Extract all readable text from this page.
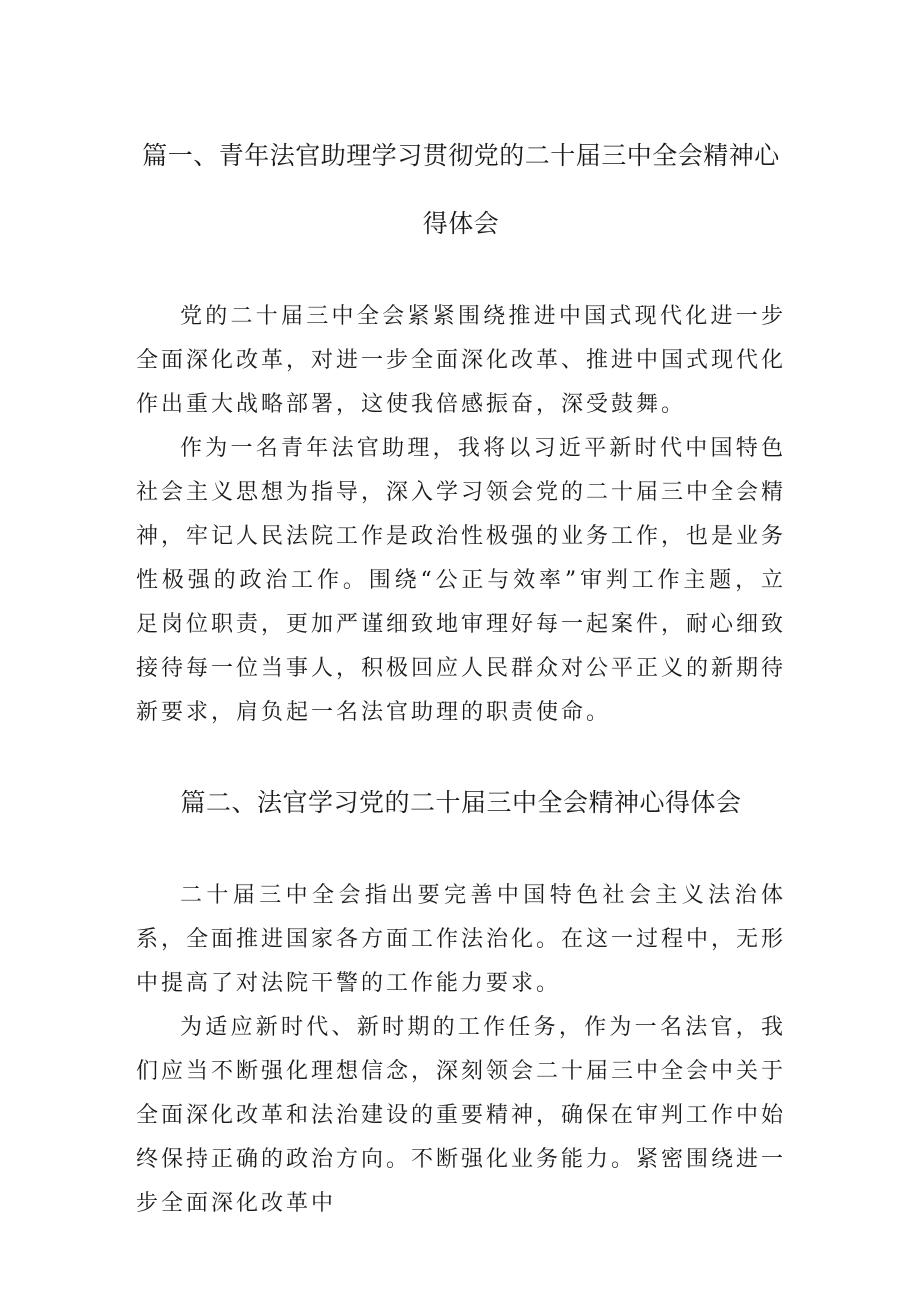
篇一、青年法官助理学习贯彻党的二十届三中全会精神心得体会

党的二十届三中全会紧紧围绕推进中国式现代化进一步全面深化改革，对进一步全面深化改革、推进中国式现代化作出重大战略部署，这使我倍感振奋，深受鼓舞。

作为一名青年法官助理，我将以习近平新时代中国特色社会主义思想为指导，深入学习领会党的二十届三中全会精神，牢记人民法院工作是政治性极强的业务工作，也是业务性极强的政治工作。围绕“公正与效率”审判工作主题，立足岗位职责，更加严谨细致地审理好每一起案件，耐心细致接待每一位当事人，积极回应人民群众对公平正义的新期待新要求，肩负起一名法官助理的职责使命。

篇二、法官学习党的二十届三中全会精神心得体会

二十届三中全会指出要完善中国特色社会主义法治体系，全面推进国家各方面工作法治化。在这一过程中，无形中提高了对法院干警的工作能力要求。

为适应新时代、新时期的工作任务，作为一名法官，我们应当不断强化理想信念，深刻领会二十届三中全会中关于全面深化改革和法治建设的重要精神，确保在审判工作中始终保持正确的政治方向。不断强化业务能力。紧密围绕进一步全面深化改革中
